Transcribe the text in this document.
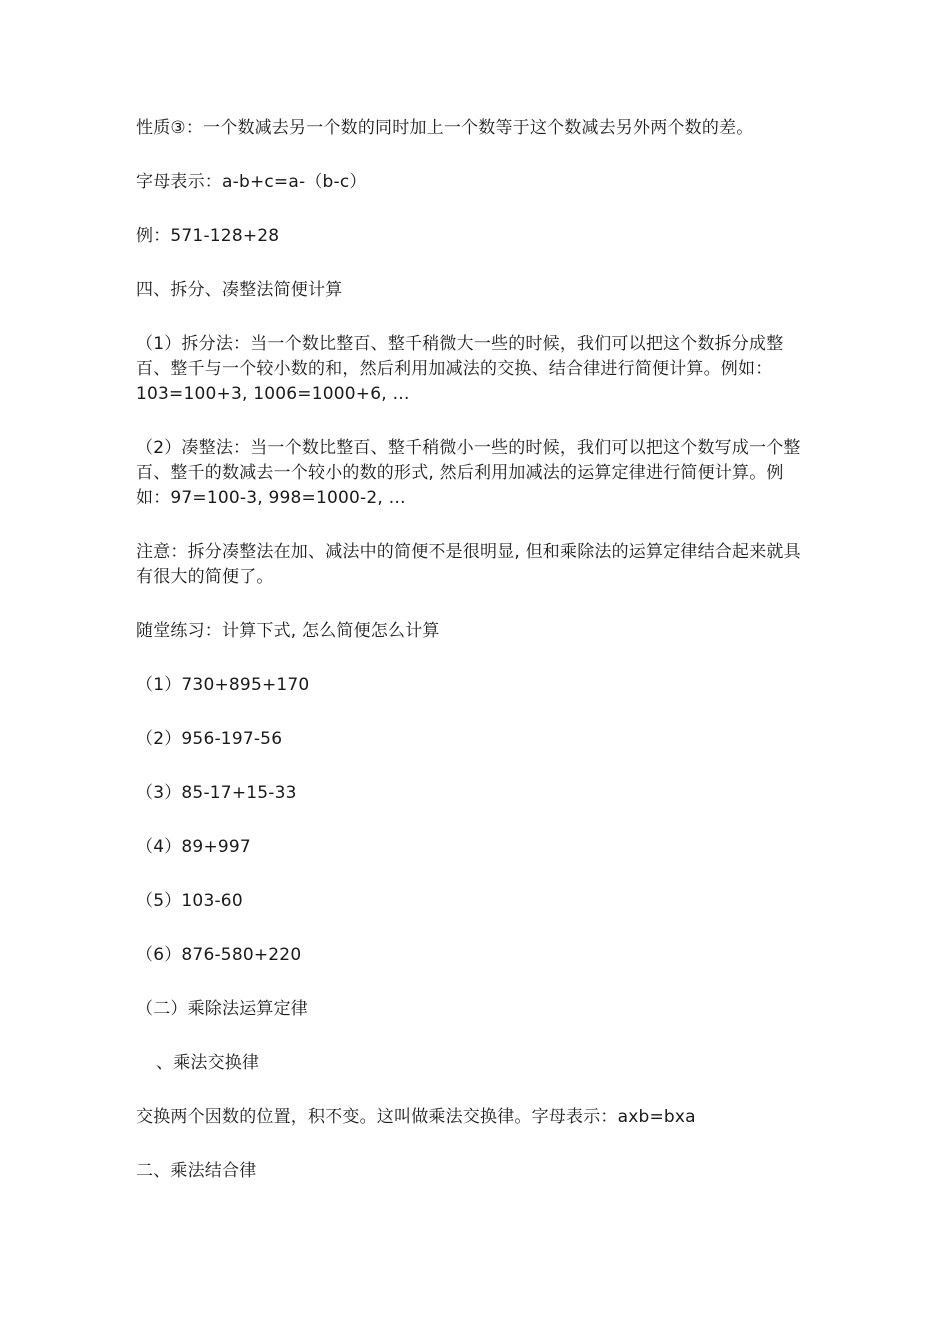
性质③：一个数减去另一个数的同时加上一个数等于这个数减去另外两个数的差。

字母表示：a-b+c=a-（b-c）

例：571-128+28

四、拆分、凑整法简便计算

（1）拆分法：当一个数比整百、整千稍微大一些的时候，我们可以把这个数拆分成整百、整千与一个较小数的和，然后利用加减法的交换、结合律进行简便计算。例如：103=100+3, 1006=1000+6, …

（2）凑整法：当一个数比整百、整千稍微小一些的时候，我们可以把这个数写成一个整百、整千的数减去一个较小的数的形式, 然后利用加减法的运算定律进行简便计算。例如：97=100-3, 998=1000-2, …

注意：拆分凑整法在加、减法中的简便不是很明显, 但和乘除法的运算定律结合起来就具有很大的简便了。

随堂练习：计算下式, 怎么简便怎么计算

（1）730+895+170

（2）956-197-56

（3）85-17+15-33

（4）89+997

（5）103-60

（6）876-580+220

（二）乘除法运算定律

、乘法交换律

交换两个因数的位置，积不变。这叫做乘法交换律。字母表示：axb=bxa

二、乘法结合律
